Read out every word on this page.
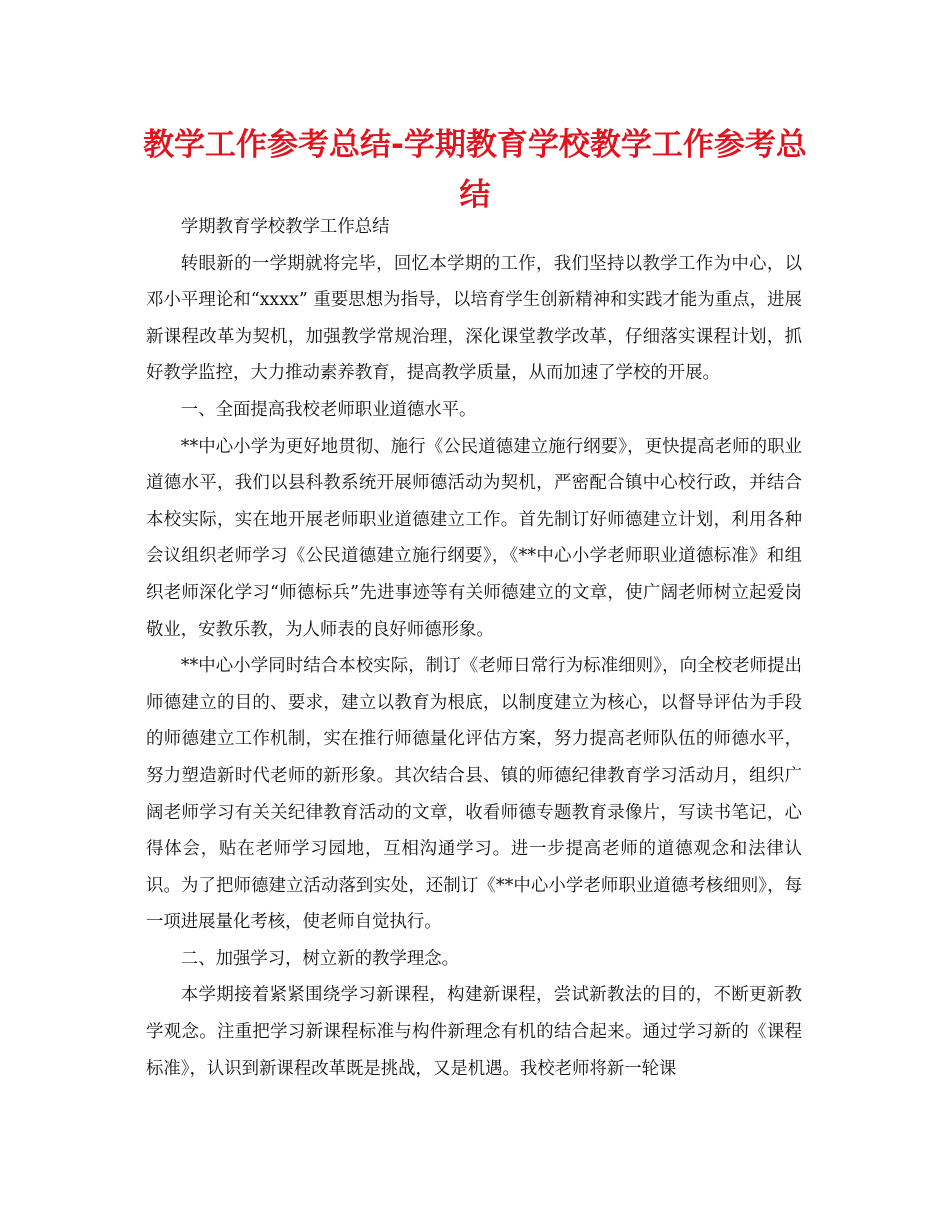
教学工作参考总结-学期教育学校教学工作参考总结

学期教育学校教学工作总结

转眼新的一学期就将完毕，回忆本学期的工作，我们坚持以教学工作为中心，以邓小平理论和“xxxx” 重要思想为指导，以培育学生创新精神和实践才能为重点，进展新课程改革为契机，加强教学常规治理，深化课堂教学改革，仔细落实课程计划，抓好教学监控，大力推动素养教育，提高教学质量，从而加速了学校的开展。

一、全面提高我校老师职业道德水平。

**中心小学为更好地贯彻、施行《公民道德建立施行纲要》，更快提高老师的职业道德水平，我们以县科教系统开展师德活动为契机，严密配合镇中心校行政，并结合本校实际，实在地开展老师职业道德建立工作。首先制订好师德建立计划，利用各种会议组织老师学习《公民道德建立施行纲要》，《**中心小学老师职业道德标准》和组织老师深化学习“师德标兵”先进事迹等有关师德建立的文章，使广阔老师树立起爱岗敬业，安教乐教，为人师表的良好师德形象。

**中心小学同时结合本校实际，制订《老师日常行为标准细则》，向全校老师提出师德建立的目的、要求，建立以教育为根底，以制度建立为核心，以督导评估为手段的师德建立工作机制，实在推行师德量化评估方案，努力提高老师队伍的师德水平，努力塑造新时代老师的新形象。其次结合县、镇的师德纪律教育学习活动月，组织广阔老师学习有关关纪律教育活动的文章，收看师德专题教育录像片，写读书笔记，心得体会，贴在老师学习园地，互相沟通学习。进一步提高老师的道德观念和法律认识。为了把师德建立活动落到实处，还制订《**中心小学老师职业道德考核细则》，每一项进展量化考核，使老师自觉执行。

二、加强学习，树立新的教学理念。

本学期接着紧紧围绕学习新课程，构建新课程，尝试新教法的目的，不断更新教学观念。注重把学习新课程标准与构件新理念有机的结合起来。通过学习新的《课程标准》，认识到新课程改革既是挑战，又是机遇。我校老师将新一轮课
